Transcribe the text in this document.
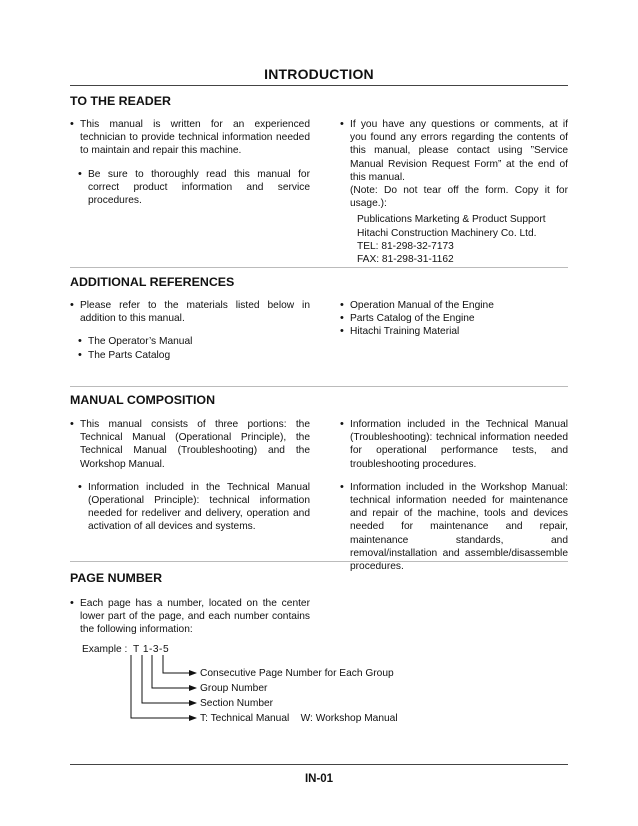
INTRODUCTION
TO THE READER
• This manual is written for an experienced technician to provide technical information needed to maintain and repair this machine.
• Be sure to thoroughly read this manual for correct product information and service procedures.
• If you have any questions or comments, at if you found any errors regarding the contents of this manual, please contact using ”Service Manual Revision Request Form” at the end of this manual.
(Note: Do not tear off the form. Copy it for usage.):
Publications Marketing & Product Support
Hitachi Construction Machinery Co. Ltd.
TEL: 81-298-32-7173
FAX: 81-298-31-1162
ADDITIONAL REFERENCES
• Please refer to the materials listed below in addition to this manual.
• The Operator’s Manual
• The Parts Catalog
• Operation Manual of the Engine
• Parts Catalog of the Engine
• Hitachi Training Material
MANUAL COMPOSITION
• This manual consists of three portions: the Technical Manual (Operational Principle), the Technical Manual (Troubleshooting) and the Workshop Manual.
• Information included in the Technical Manual (Operational Principle): technical information needed for redeliver and delivery, operation and activation of all devices and systems.
• Information included in the Technical Manual (Troubleshooting): technical information needed for operational performance tests, and troubleshooting procedures.
• Information included in the Workshop Manual: technical information needed for maintenance and repair of the machine, tools and devices needed for maintenance and repair, maintenance standards, and removal/installation and assemble/disassemble procedures.
PAGE NUMBER
• Each page has a number, located on the center lower part of the page, and each number contains the following information:
Example : T 1-3-5
Consecutive Page Number for Each Group
Group Number
Section Number
T: Technical Manual    W: Workshop Manual
IN-01
